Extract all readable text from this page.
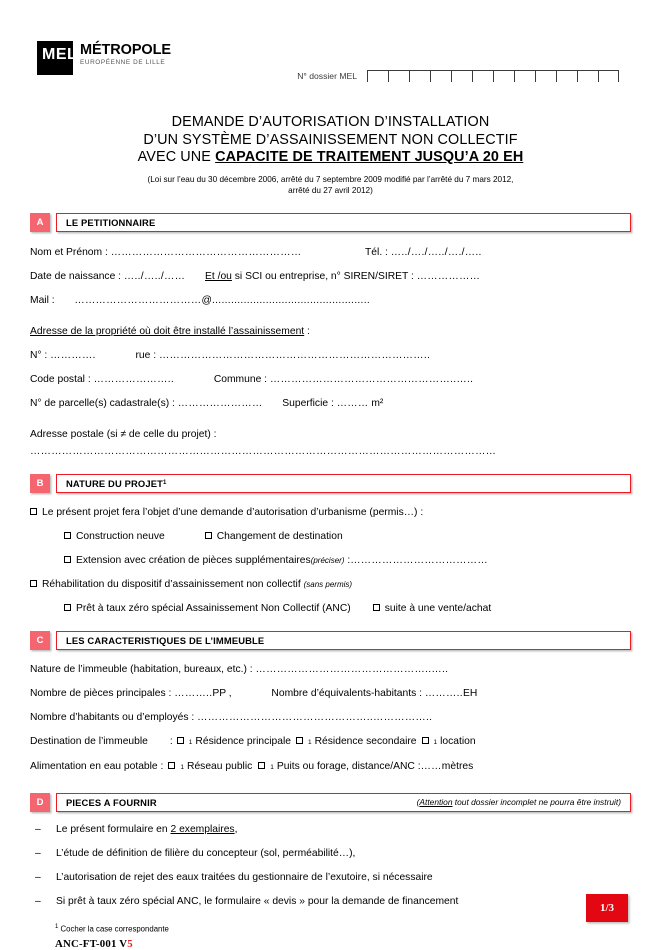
MEL MÉTROPOLE
EUROPÉENNE DE LILLE
N° dossier MEL
DEMANDE D’AUTORISATION D’INSTALLATION
D’UN SYSTÈME D’ASSAINISSEMENT NON COLLECTIF
AVEC UNE CAPACITE DE TRAITEMENT JUSQU’A 20 EH
(Loi sur l’eau du 30 décembre 2006, arrêté du 7 septembre 2009 modifié par l’arrêté du 7 mars 2012,
arrêté du 27 avril 2012)
A	LE PETITIONNAIRE
Nom et Prénom : ………………………………………………	Tél. : …../…./…../…./…..
Date de naissance : …../…../…… Et /ou si SCI ou entreprise, n° SIREN/SIRET : ………………
Mail : ………………………………@..................................................
Adresse de la propriété où doit être installé l’assainissement :
N° : ………….	rue : …………………………………………………………………..
Code postal : …………………..	Commune : ……………………………………………..…..
N° de parcelle(s) cadastrale(s) : …………………… Superficie : ……… m²
Adresse postale (si ≠ de celle du projet) :
……………………………………………………………………………………………………………………
B	NATURE DU PROJET 1
Le présent projet fera l’objet d’une demande d’autorisation d’urbanisme (permis…) :
Construction neuve	Changement de destination
Extension avec création de pièces supplémentaires(préciser) :…………………………………
Réhabilitation du dispositif d’assainissement non collectif (sans permis)
Prêt à taux zéro spécial Assainissement Non Collectif (ANC)	suite à une vente/achat
C	LES CARACTERISTIQUES DE L’IMMEUBLE
Nature de l’immeuble (habitation, bureaux, etc.) : …………………………………………..…..
Nombre de pièces principales : ………..PP ,	Nombre d’équivalents-habitants : ………..EH
Nombre d’habitants ou d’employés : …………………………………………..……………..
Destination de l’immeuble : 1 Résidence principale	1 Résidence secondaire	1 location
Alimentation en eau potable :	1 Réseau public	1 Puits ou forage, distance/ANC : …… mètres
D	PIECES A FOURNIR	(Attention tout dossier incomplet ne pourra être instruit)
–	Le présent formulaire en 2 exemplaires,
–	L’étude de définition de filière du concepteur (sol, perméabilité…),
–	L’autorisation de rejet des eaux traitées du gestionnaire de l’exutoire, si nécessaire
–	Si prêt à taux zéro spécial ANC, le formulaire « devis » pour la demande de financement
$^1$ Cocher la case correspondante
ANC-FT-001 V5
1/3
